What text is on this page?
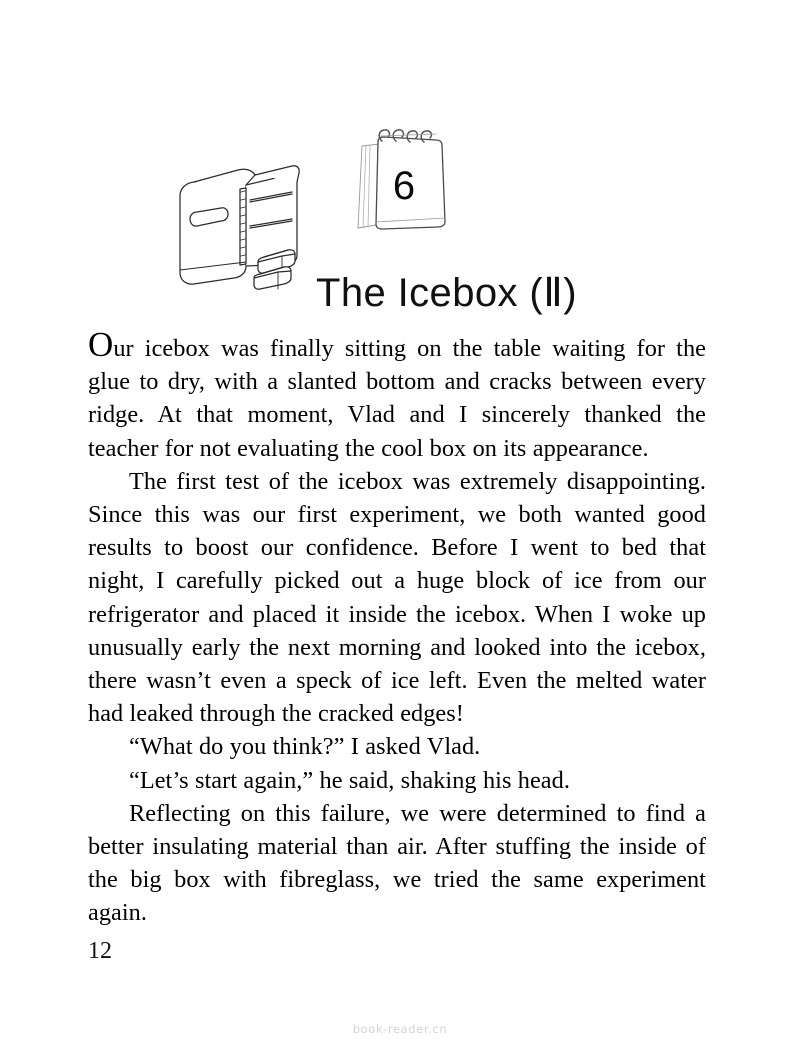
6
The Icebox (Ⅱ)

Our icebox was finally sitting on the table waiting for the glue to dry, with a slanted bottom and cracks between every ridge. At that moment, Vlad and I sincerely thanked the teacher for not evaluating the cool box on its appearance.

The first test of the icebox was extremely disappointing. Since this was our first experiment, we both wanted good results to boost our confidence. Before I went to bed that night, I carefully picked out a huge block of ice from our refrigerator and placed it inside the icebox. When I woke up unusually early the next morning and looked into the icebox, there wasn’t even a speck of ice left. Even the melted water had leaked through the cracked edges!

“What do you think?” I asked Vlad.

“Let’s start again,” he said, shaking his head.

Reflecting on this failure, we were determined to find a better insulating material than air. After stuffing the inside of the big box with fibreglass, we tried the same experiment again.

12
book-reader.cn
